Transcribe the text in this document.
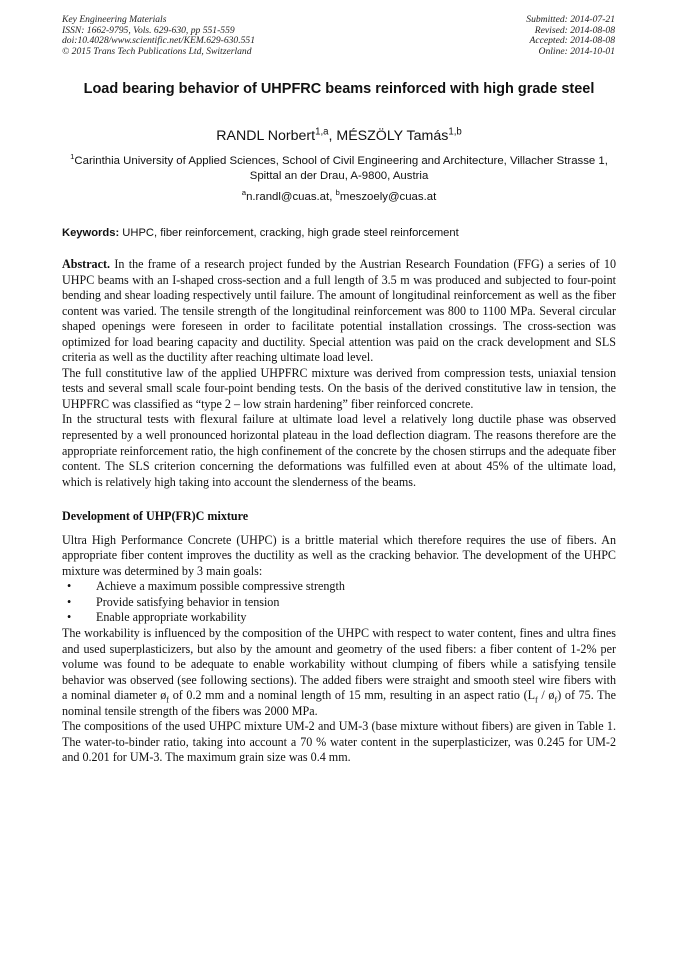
Key Engineering Materials
ISSN: 1662-9795, Vols. 629-630, pp 551-559
doi:10.4028/www.scientific.net/KEM.629-630.551
© 2015 Trans Tech Publications Ltd, Switzerland
Submitted: 2014-07-21
Revised: 2014-08-08
Accepted: 2014-08-08
Online: 2014-10-01
Load bearing behavior of UHPFRC beams reinforced with high grade steel
RANDL Norbert$^{1,a}$, MÉSZÖLY Tamás$^{1,b}$
$^1$Carinthia University of Applied Sciences, School of Civil Engineering and Architecture, Villacher Strasse 1, Spittal an der Drau, A-9800, Austria
$^a$n.randl@cuas.at, $^b$meszoely@cuas.at
Keywords: UHPC, fiber reinforcement, cracking, high grade steel reinforcement

Abstract. In the frame of a research project funded by the Austrian Research Foundation (FFG) a series of 10 UHPC beams with an I-shaped cross-section and a full length of 3.5 m was produced and subjected to four-point bending and shear loading respectively until failure. The amount of longitudinal reinforcement as well as the fiber content was varied. The tensile strength of the longitudinal reinforcement was 800 to 1100 MPa. Several circular shaped openings were foreseen in order to facilitate potential installation crossings. The cross-section was optimized for load bearing capacity and ductility. Special attention was paid on the crack development and SLS criteria as well as the ductility after reaching ultimate load level.

The full constitutive law of the applied UHPFRC mixture was derived from compression tests, uniaxial tension tests and several small scale four-point bending tests. On the basis of the derived constitutive law in tension, the UHPFRC was classified as “type 2 – low strain hardening” fiber reinforced concrete.

In the structural tests with flexural failure at ultimate load level a relatively long ductile phase was observed represented by a well pronounced horizontal plateau in the load deflection diagram. The reasons therefore are the appropriate reinforcement ratio, the high confinement of the concrete by the chosen stirrups and the adequate fiber content. The SLS criterion concerning the deformations was fulfilled even at about 45% of the ultimate load, which is relatively high taking into account the slenderness of the beams.

Development of UHP(FR)C mixture

Ultra High Performance Concrete (UHPC) is a brittle material which therefore requires the use of fibers. An appropriate fiber content improves the ductility as well as the cracking behavior. The development of the UHPC mixture was determined by 3 main goals:

• Achieve a maximum possible compressive strength
• Provide satisfying behavior in tension
• Enable appropriate workability

The workability is influenced by the composition of the UHPC with respect to water content, fines and ultra fines and used superplasticizers, but also by the amount and geometry of the used fibers: a fiber content of 1-2% per volume was found to be adequate to enable workability without clumping of fibers while a satisfying tensile behavior was observed (see following sections). The added fibers were straight and smooth steel wire fibers with a nominal diameter $ø_f$ of 0.2 mm and a nominal length of 15 mm, resulting in an aspect ratio ($L_f$ / $ø_f$) of 75. The nominal tensile strength of the fibers was 2000 MPa.

The compositions of the used UHPC mixture UM-2 and UM-3 (base mixture without fibers) are given in Table 1. The water-to-binder ratio, taking into account a 70 % water content in the superplasticizer, was 0.245 for UM-2 and 0.201 for UM-3. The maximum grain size was 0.4 mm.
